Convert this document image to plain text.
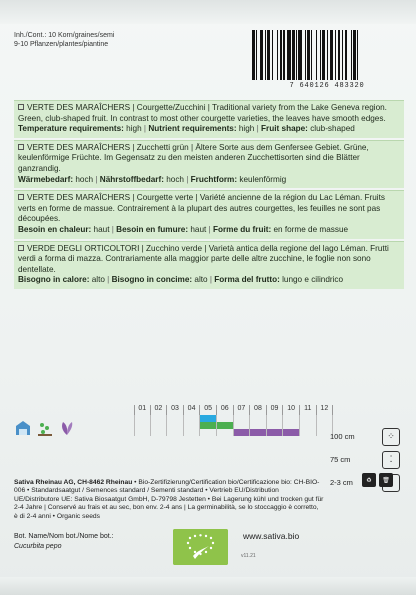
Inh./Cont.: 10 Korn/graines/semi
9-10 Pflanzen/plantes/piantine
7 640126 483320

VERTE DES MARAÎCHERS | Courgette/Zucchini | Traditional variety from the Lake Geneva region. Green, club-shaped fruit. In contrast to most other courgette varieties, the leaves have smooth edges.

Temperature requirements: high | Nutrient requirements: high | Fruit shape: club-shaped

VERTE DES MARAÎCHERS | Zucchetti grün | Ältere Sorte aus dem Genfersee Gebiet. Grüne, keulenförmige Früchte. Im Gegensatz zu den meisten anderen Zucchettisorten sind die Blätter ganzrandig.

Wärmebedarf: hoch | Nährstoffbedarf: hoch | Fruchtform: keulenförmig

VERTE DES MARAÎCHERS | Courgette verte | Variété ancienne de la région du Lac Léman. Fruits verts en forme de massue. Contrairement à la plupart des autres courgettes, les feuilles ne sont pas découpées.

Besoin en chaleur: haut | Besoin en fumure: haut | Forme du fruit: en forme de massue

VERDE DEGLI ORTICOLTORI | Zucchino verde | Varietà antica della regione del lago Léman. Frutti verdi a forma di mazza. Contrariamente alla maggior parte delle altre zucchine, le foglie non sono dentellate.

Bisogno in calore: alto | Bisogno in concime: alto | Forma del frutto: lungo e cilindrico

01	02	03	04	05	06	07	08	09	10	11	12
100 cm	⁘
75 cm	⁚
2-3 cm
Sativa Rheinau AG, CH-8462 Rheinau • Bio-Zertifizierung/Certification bio/Certificazione bio: CH-BIO-006 • Standardsaatgut / Semences standard / Sementi standard • Vertrieb EU/Distribution UE/Distributore UE: Sativa Biosaatgut GmbH, D-79798 Jestetten • Bei Lagerung kühl und trocken gut für 2-4 Jahre | Conservé au frais et au sec, bon env. 2-4 ans | La germinabilità, se lo stoccaggio è corretto, è di 2-4 anni • Organic seeds
♻	🗑
Bot. Name/Nom bot./Nome bot.:
Cucurbita pepo
www.sativa.bio
v11.21
